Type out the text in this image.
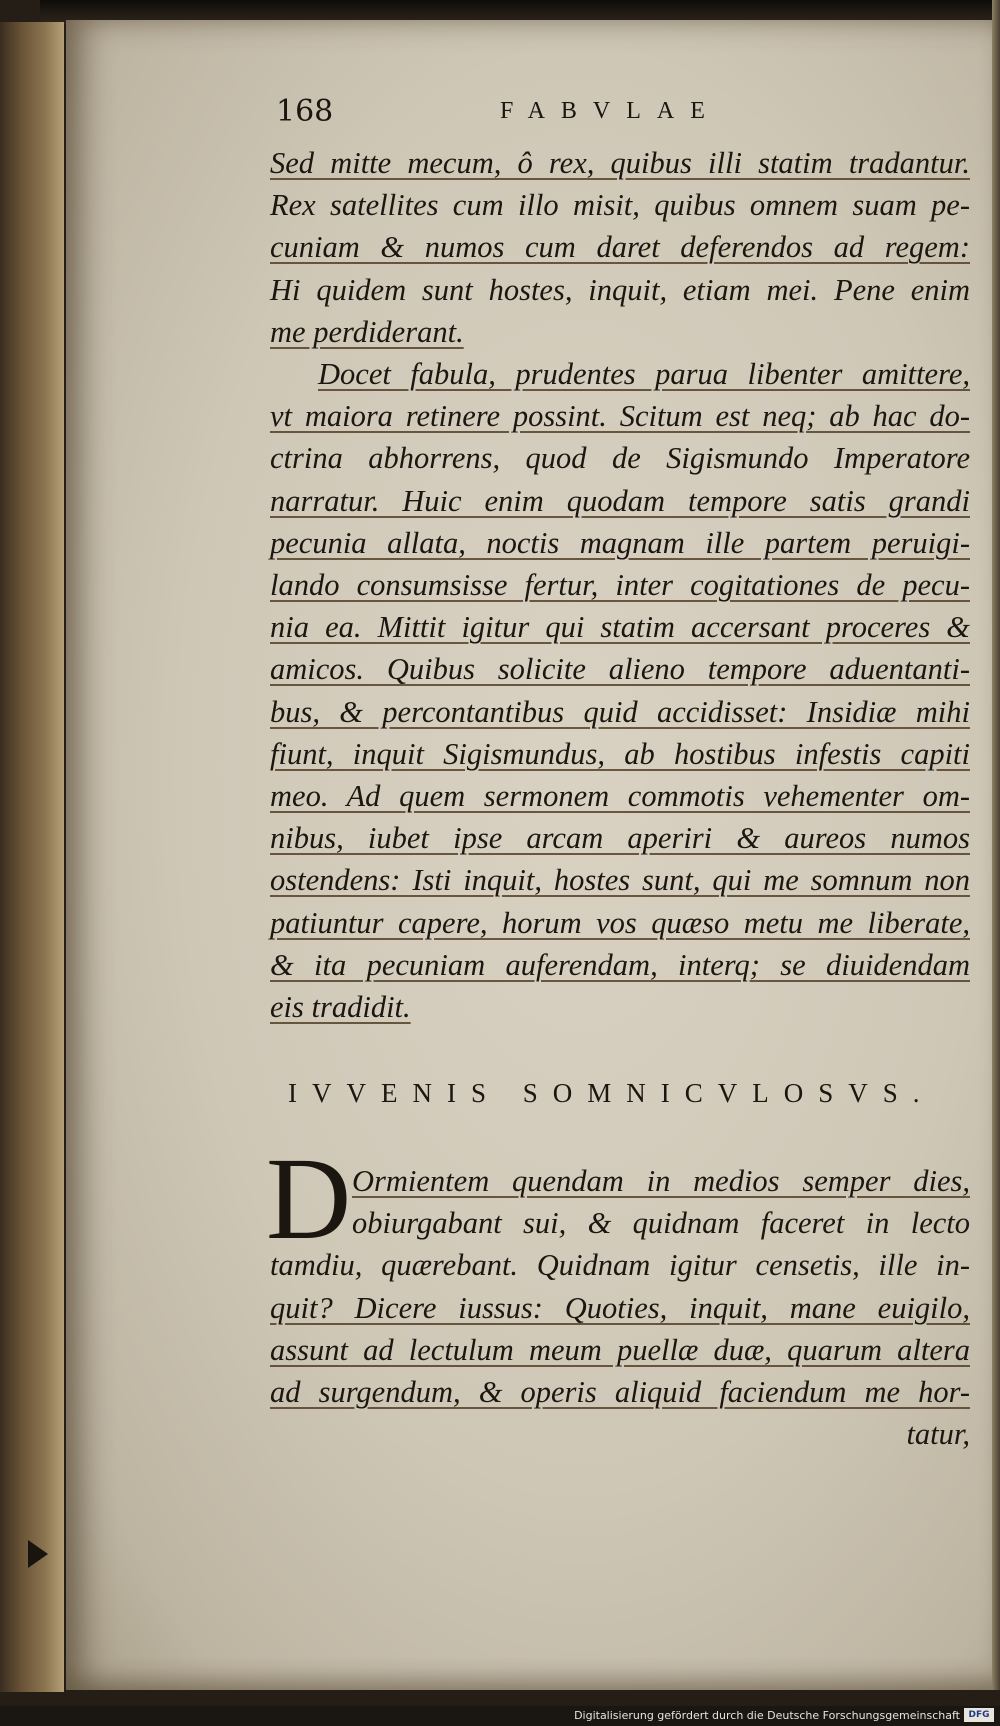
168	FABVLAE
Sed mitte mecum, ô rex, quibus illi statim tradantur.
Rex satellites cum illo misit, quibus omnem suam pe-
cuniam & numos cum daret deferendos ad regem:
Hi quidem sunt hostes, inquit, etiam mei. Pene enim
me perdiderant.
Docet fabula, prudentes parua libenter amittere,
vt maiora retinere possint. Scitum est neq; ab hac do-
ctrina abhorrens, quod de Sigismundo Imperatore
narratur. Huic enim quodam tempore satis grandi
pecunia allata, noctis magnam ille partem peruigi-
lando consumsisse fertur, inter cogitationes de pecu-
nia ea. Mittit igitur qui statim accersant proceres &
amicos. Quibus solicite alieno tempore aduentanti-
bus, & percontantibus quid accidisset: Insidiæ mihi
fiunt, inquit Sigismundus, ab hostibus infestis capiti
meo. Ad quem sermonem commotis vehementer om-
nibus, iubet ipse arcam aperiri & aureos numos
ostendens: Isti inquit, hostes sunt, qui me somnum non
patiuntur capere, horum vos quæso metu me liberate,
& ita pecuniam auferendam, interq; se diuidendam
eis tradidit.
IVVENIS SOMNICVLOSVS.
D Ormientem quendam in medios semper dies,
obiurgabant sui, & quidnam faceret in lecto
tamdiu, quærebant. Quidnam igitur censetis, ille in-
quit? Dicere iussus: Quoties, inquit, mane euigilo,
assunt ad lectulum meum puellæ duæ, quarum altera
ad surgendum, & operis aliquid faciendum me hor-
tatur,
Digitalisierung gefördert durch die Deutsche Forschungsgemeinschaft DFG
